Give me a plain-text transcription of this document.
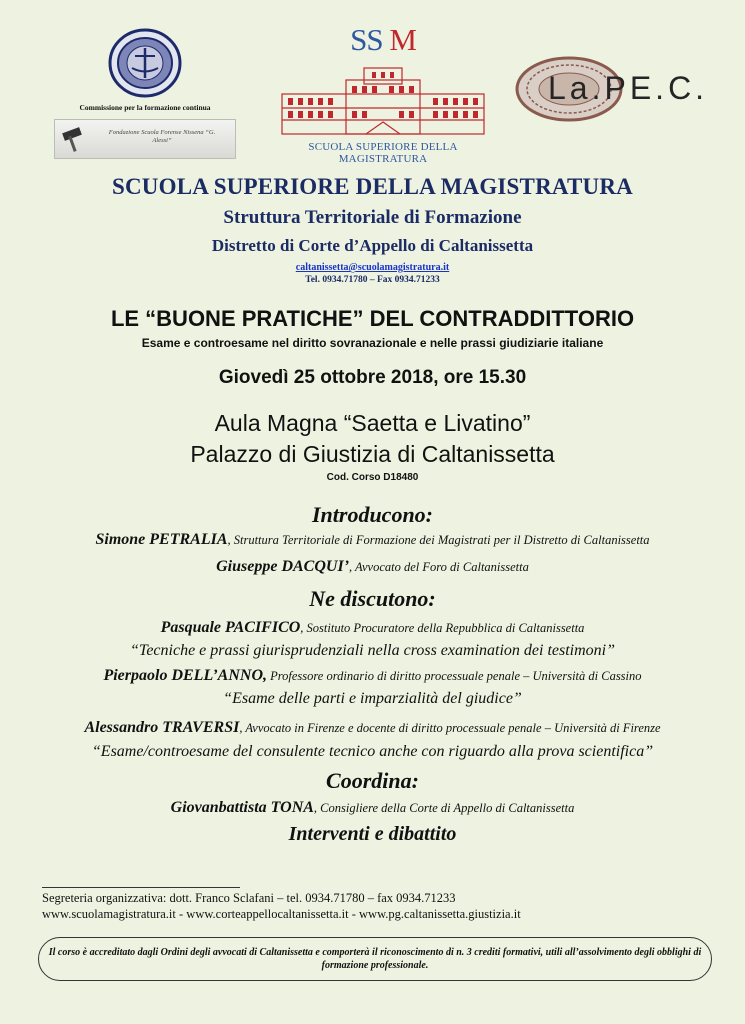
Commissione per la formazione continua
Fondazione Scuola Forense Nissena “G. Alessi”
SS M
SCUOLA SUPERIORE DELLA MAGISTRATURA
La.PE.C.
SCUOLA SUPERIORE DELLA MAGISTRATURA
Struttura Territoriale di Formazione
Distretto di Corte d’Appello di Caltanissetta
caltanissetta@scuolamagistratura.it
Tel. 0934.71780 – Fax 0934.71233
LE “BUONE PRATICHE” DEL CONTRADDITTORIO
Esame e controesame nel diritto sovranazionale e nelle prassi giudiziarie italiane
Giovedì 25 ottobre 2018, ore 15.30
Aula Magna “Saetta e Livatino”
Palazzo di Giustizia di Caltanissetta
Cod. Corso D18480
Introducono:
Simone PETRALIA, Struttura Territoriale di Formazione dei Magistrati per il Distretto di Caltanissetta
Giuseppe DACQUI’, Avvocato del Foro di Caltanissetta
Ne discutono:
Pasquale PACIFICO, Sostituto Procuratore della Repubblica di Caltanissetta
“Tecniche e prassi giurisprudenziali nella cross examination dei testimoni”
Pierpaolo DELL’ANNO, Professore ordinario di diritto processuale penale – Università di Cassino
“Esame delle parti e imparzialità del giudice”
Alessandro TRAVERSI, Avvocato in Firenze e docente di diritto processuale penale – Università di Firenze
“Esame/controesame del consulente tecnico anche con riguardo alla prova scientifica”
Coordina:
Giovanbattista TONA, Consigliere della Corte di Appello di Caltanissetta
Interventi e dibattito
Segreteria organizzativa: dott. Franco Sclafani – tel. 0934.71780 – fax 0934.71233
www.scuolamagistratura.it - www.corteappellocaltanissetta.it - www.pg.caltanissetta.giustizia.it
Il corso è accreditato dagli Ordini degli avvocati di Caltanissetta e comporterà il riconoscimento di n. 3 crediti formativi, utili all’assolvimento degli obblighi di formazione professionale.
